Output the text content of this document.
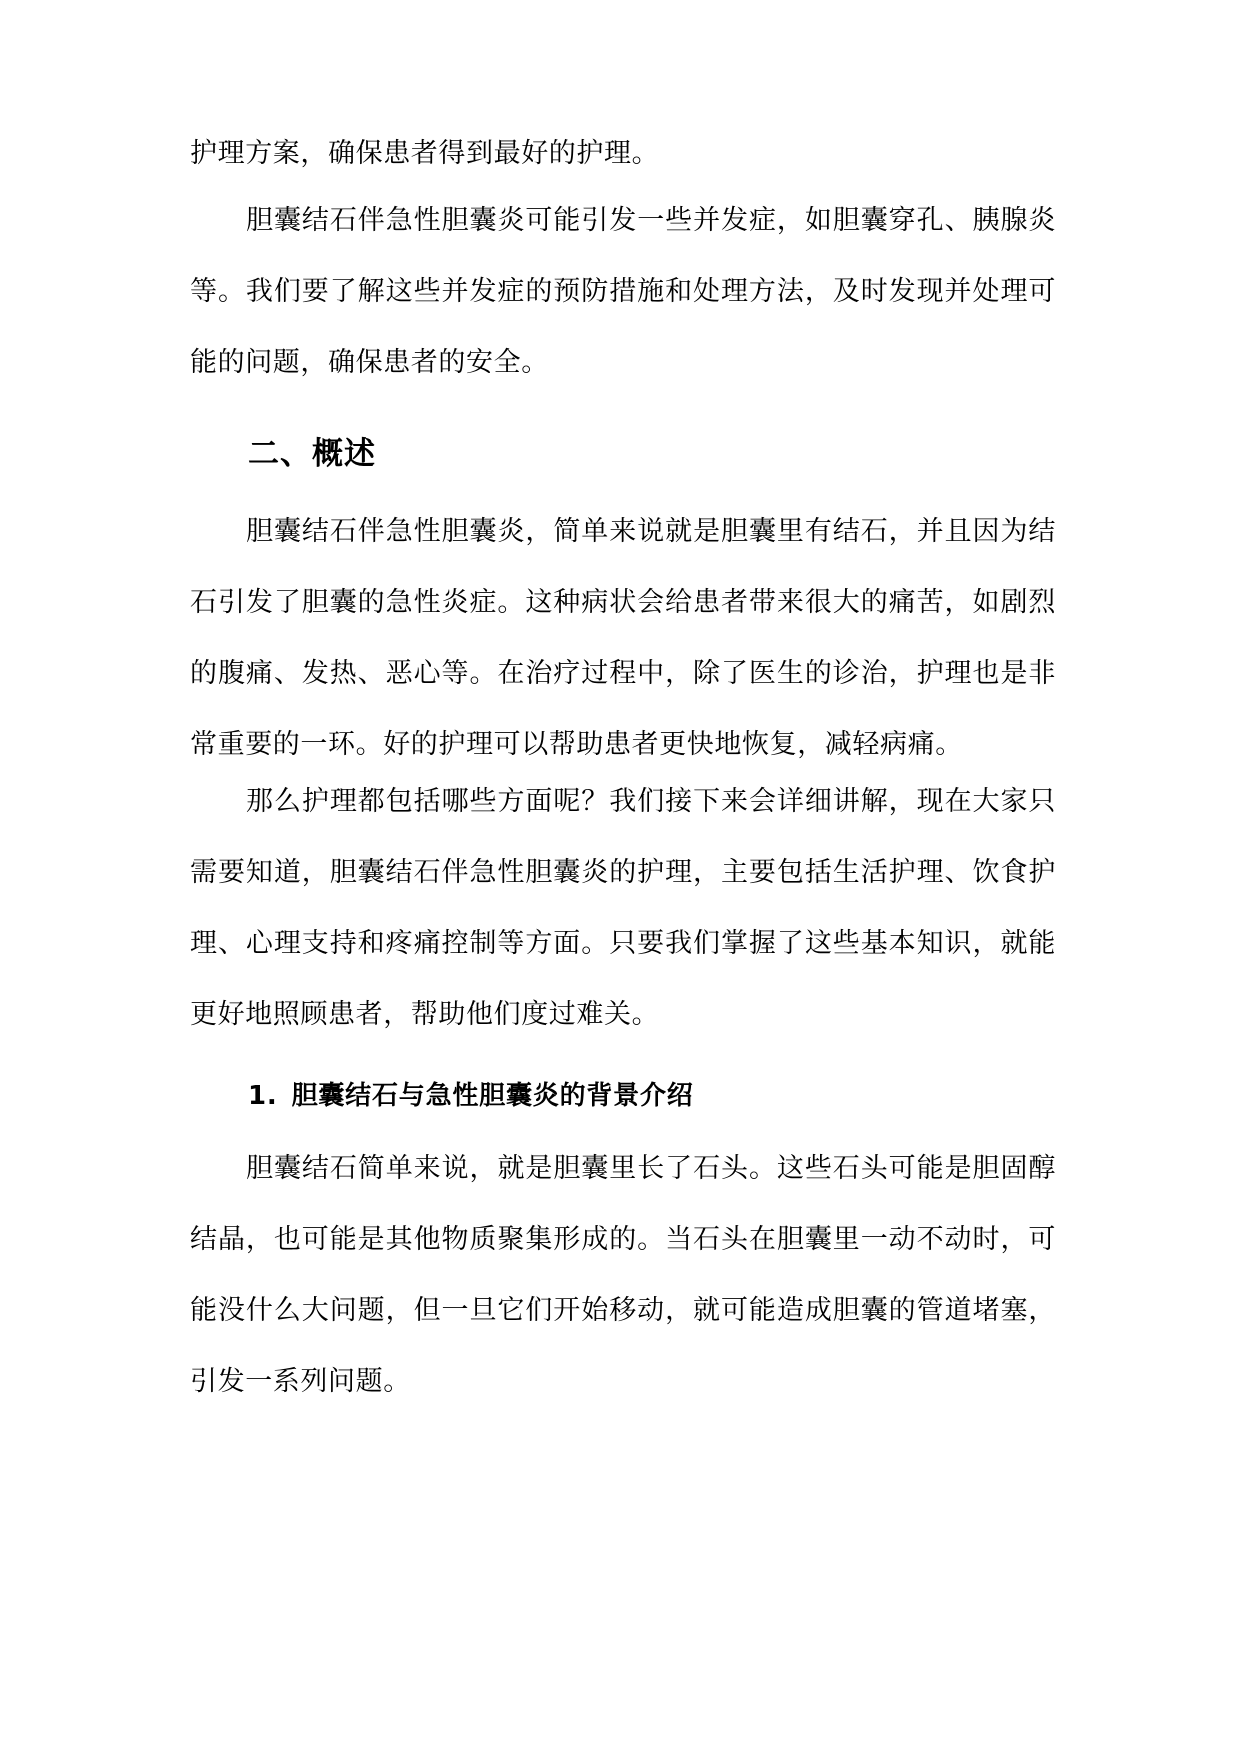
护理方案，确保患者得到最好的护理。

胆囊结石伴急性胆囊炎可能引发一些并发症，如胆囊穿孔、胰腺炎等。我们要了解这些并发症的预防措施和处理方法，及时发现并处理可能的问题，确保患者的安全。

二、概述

胆囊结石伴急性胆囊炎，简单来说就是胆囊里有结石，并且因为结石引发了胆囊的急性炎症。这种病状会给患者带来很大的痛苦，如剧烈的腹痛、发热、恶心等。在治疗过程中，除了医生的诊治，护理也是非常重要的一环。好的护理可以帮助患者更快地恢复，减轻病痛。

那么护理都包括哪些方面呢？我们接下来会详细讲解，现在大家只需要知道，胆囊结石伴急性胆囊炎的护理，主要包括生活护理、饮食护理、心理支持和疼痛控制等方面。只要我们掌握了这些基本知识，就能更好地照顾患者，帮助他们度过难关。

1. 胆囊结石与急性胆囊炎的背景介绍

胆囊结石简单来说，就是胆囊里长了石头。这些石头可能是胆固醇结晶，也可能是其他物质聚集形成的。当石头在胆囊里一动不动时，可能没什么大问题，但一旦它们开始移动，就可能造成胆囊的管道堵塞，引发一系列问题。
